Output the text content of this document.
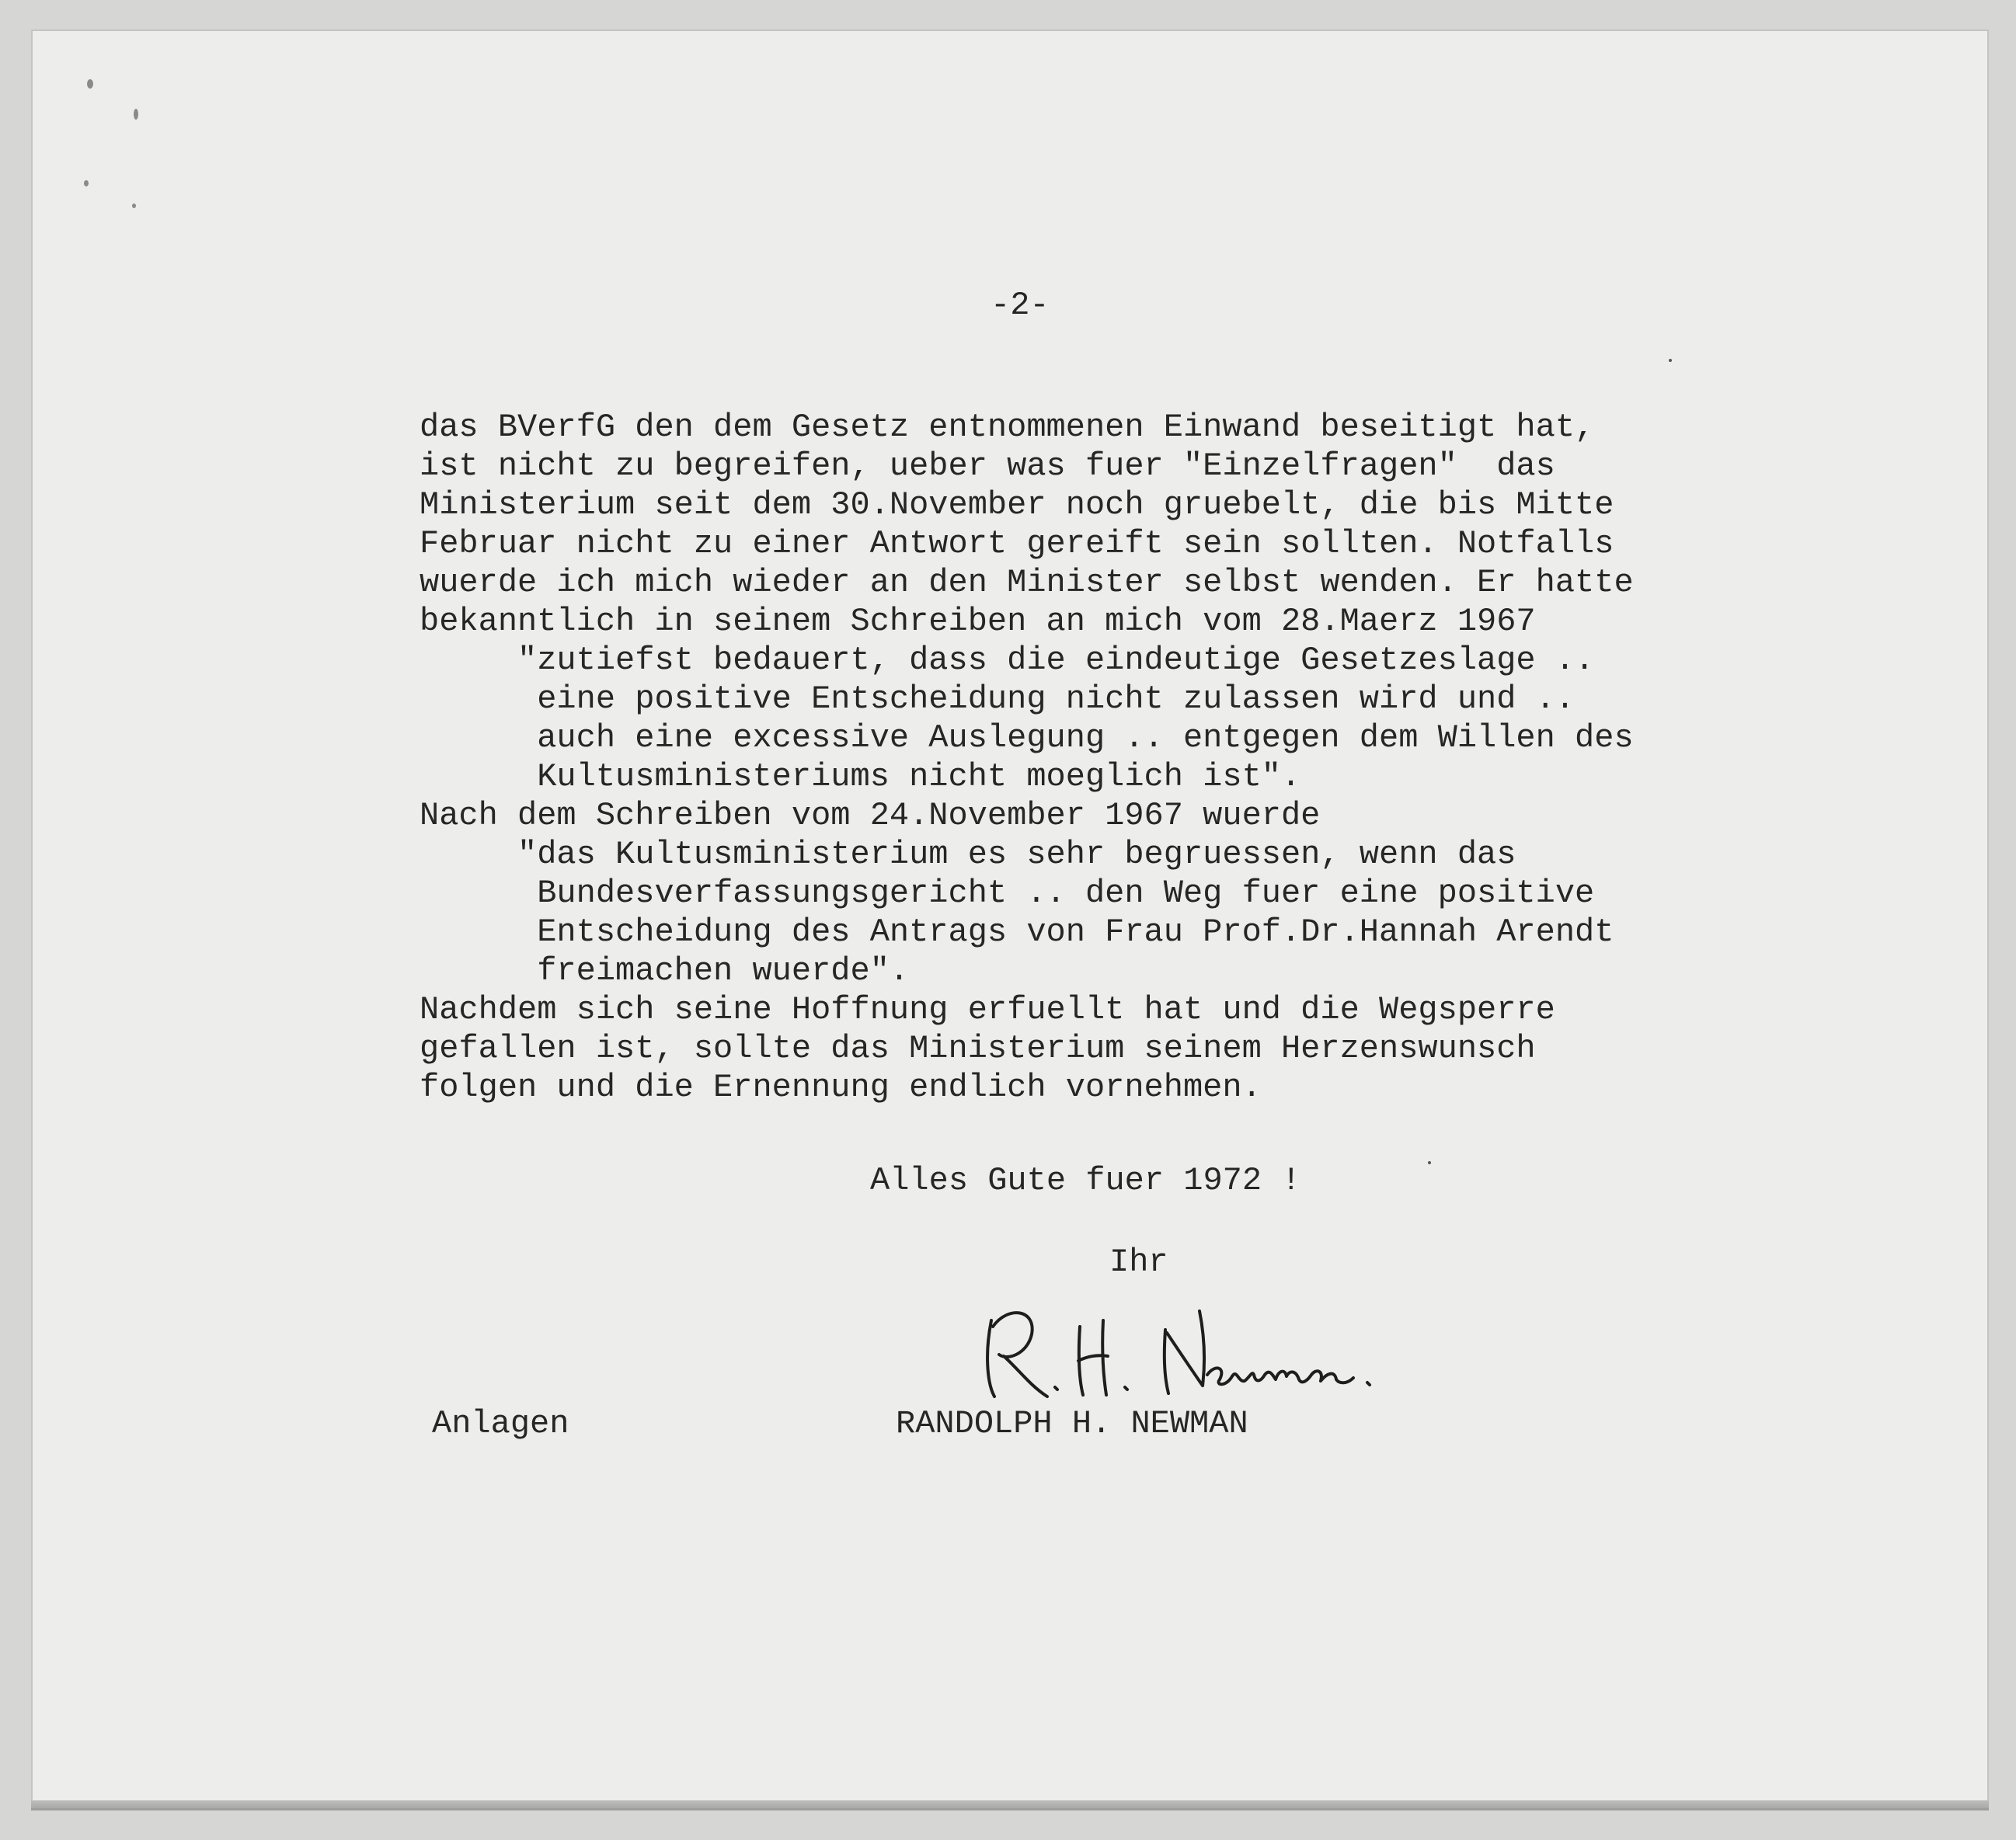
-2-

das BVerfG den dem Gesetz entnommenen Einwand beseitigt hat,
ist nicht zu begreifen, ueber was fuer "Einzelfragen"  das
Ministerium seit dem 30.November noch gruebelt, die bis Mitte
Februar nicht zu einer Antwort gereift sein sollten. Notfalls
wuerde ich mich wieder an den Minister selbst wenden. Er hatte
bekanntlich in seinem Schreiben an mich vom 28.Maerz 1967
"zutiefst bedauert, dass die eindeutige Gesetzeslage ..
eine positive Entscheidung nicht zulassen wird und ..
auch eine excessive Auslegung .. entgegen dem Willen des
Kultusministeriums nicht moeglich ist".
Nach dem Schreiben vom 24.November 1967 wuerde
"das Kultusministerium es sehr begruessen, wenn das
Bundesverfassungsgericht .. den Weg fuer eine positive
Entscheidung des Antrags von Frau Prof.Dr.Hannah Arendt
freimachen wuerde".
Nachdem sich seine Hoffnung erfuellt hat und die Wegsperre
gefallen ist, sollte das Ministerium seinem Herzenswunsch
folgen und die Ernennung endlich vornehmen.

Alles Gute fuer 1972 !

Ihr

RANDOLPH H. NEWMAN

Anlagen
